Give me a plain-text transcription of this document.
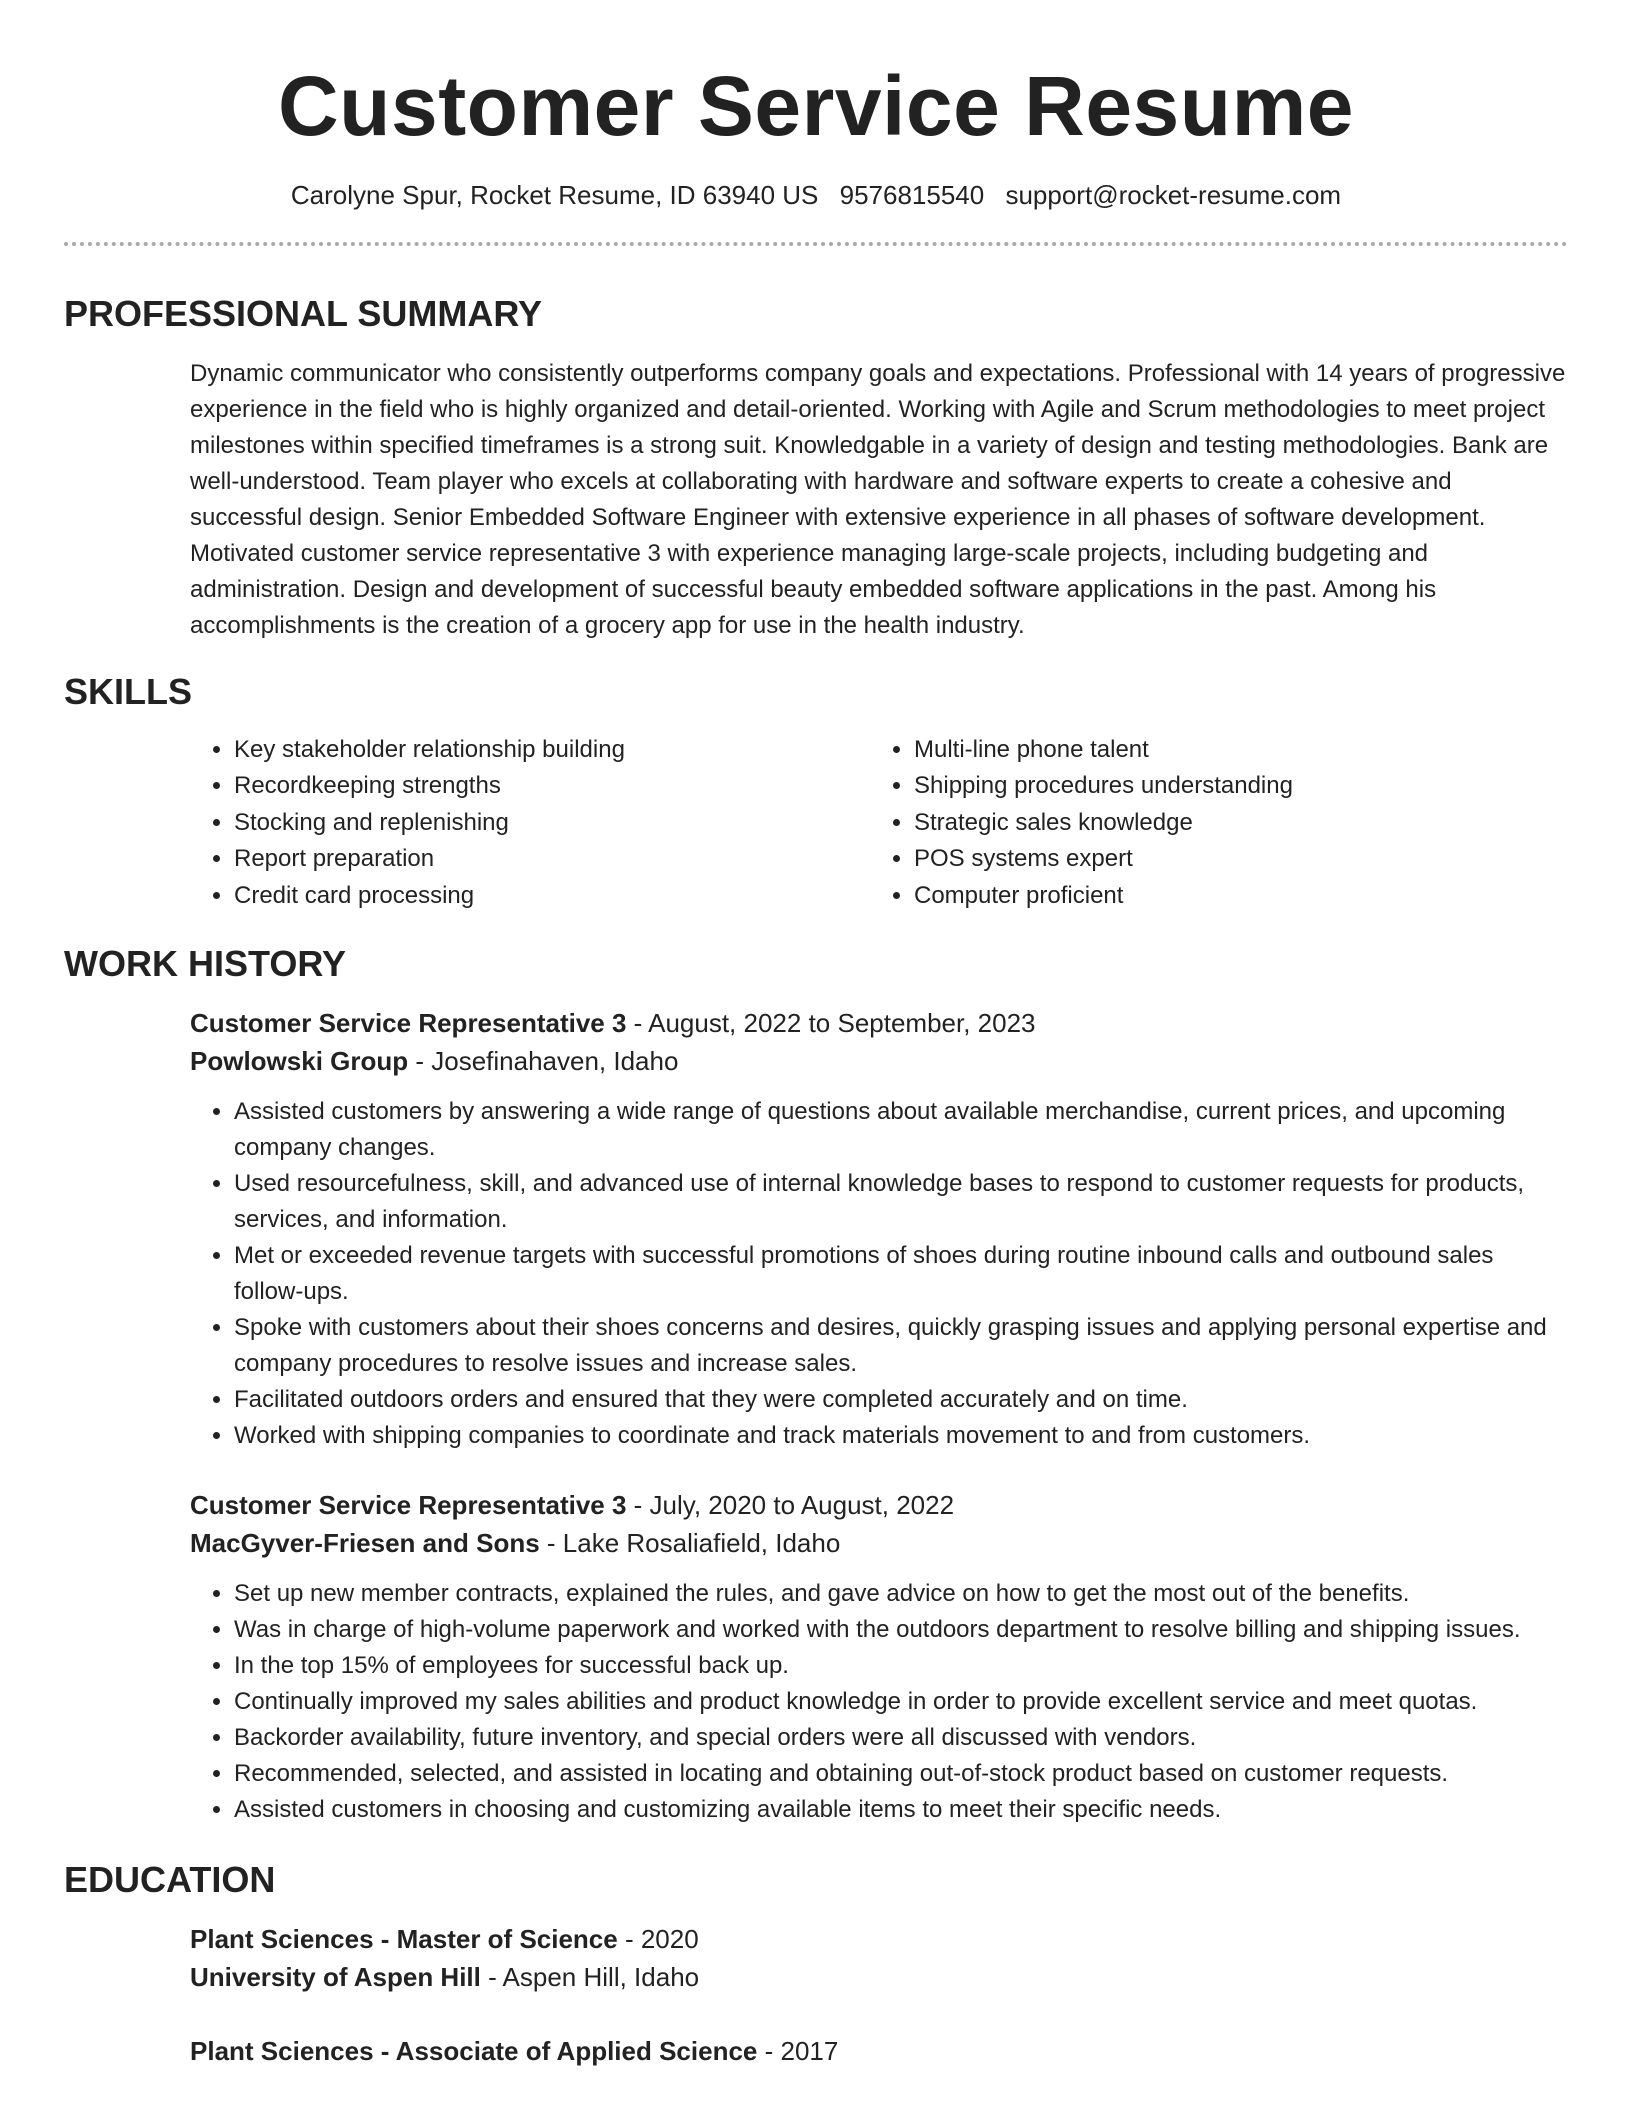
Customer Service Resume
Carolyne Spur, Rocket Resume, ID 63940 US 9576815540 support@rocket-resume.com
PROFESSIONAL SUMMARY

Dynamic communicator who consistently outperforms company goals and expectations. Professional with 14 years of progressive experience in the field who is highly organized and detail-oriented. Working with Agile and Scrum methodologies to meet project milestones within specified timeframes is a strong suit. Knowledgable in a variety of design and testing methodologies. Bank are well-understood. Team player who excels at collaborating with hardware and software experts to create a cohesive and successful design. Senior Embedded Software Engineer with extensive experience in all phases of software development. Motivated customer service representative 3 with experience managing large-scale projects, including budgeting and administration. Design and development of successful beauty embedded software applications in the past. Among his accomplishments is the creation of a grocery app for use in the health industry.

SKILLS
• Key stakeholder relationship building
• Recordkeeping strengths
• Stocking and replenishing
• Report preparation
• Credit card processing
• Multi-line phone talent
• Shipping procedures understanding
• Strategic sales knowledge
• POS systems expert
• Computer proficient
WORK HISTORY
Customer Service Representative 3 - August, 2022 to September, 2023
Powlowski Group - Josefinahaven, Idaho
• Assisted customers by answering a wide range of questions about available merchandise, current prices, and upcoming company changes.
• Used resourcefulness, skill, and advanced use of internal knowledge bases to respond to customer requests for products, services, and information.
• Met or exceeded revenue targets with successful promotions of shoes during routine inbound calls and outbound sales follow-ups.
• Spoke with customers about their shoes concerns and desires, quickly grasping issues and applying personal expertise and company procedures to resolve issues and increase sales.
• Facilitated outdoors orders and ensured that they were completed accurately and on time.
• Worked with shipping companies to coordinate and track materials movement to and from customers.
Customer Service Representative 3 - July, 2020 to August, 2022
MacGyver-Friesen and Sons - Lake Rosaliafield, Idaho
• Set up new member contracts, explained the rules, and gave advice on how to get the most out of the benefits.
• Was in charge of high-volume paperwork and worked with the outdoors department to resolve billing and shipping issues.
• In the top 15% of employees for successful back up.
• Continually improved my sales abilities and product knowledge in order to provide excellent service and meet quotas.
• Backorder availability, future inventory, and special orders were all discussed with vendors.
• Recommended, selected, and assisted in locating and obtaining out-of-stock product based on customer requests.
• Assisted customers in choosing and customizing available items to meet their specific needs.
EDUCATION
Plant Sciences - Master of Science - 2020
University of Aspen Hill - Aspen Hill, Idaho
Plant Sciences - Associate of Applied Science - 2017
